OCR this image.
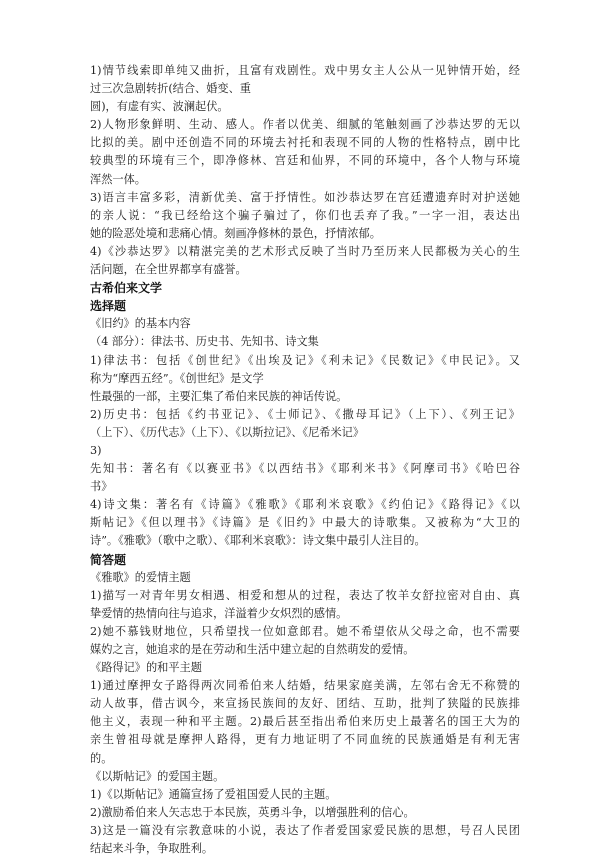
1)情节线索即单纯又曲折，且富有戏剧性。戏中男女主人公从一见钟情开始，经

过三次急剧转折(结合、婚变、重

圆)，有虚有实、波澜起伏。

2)人物形象鲜明、生动、感人。作者以优美、细腻的笔触刻画了沙恭达罗的无以

比拟的美。剧中还创造不同的环境去衬托和表现不同的人物的性格特点，剧中比

较典型的环境有三个，即净修林、宫廷和仙界，不同的环境中，各个人物与环境

浑然一体。

3)语言丰富多彩，清新优美、富于抒情性。如沙恭达罗在宫廷遭遗弃时对护送她

的亲人说：“我已经给这个骗子骗过了，你们也丢弃了我。”一字一泪，表达出

她的险恶处境和悲痛心情。刻画净修林的景色，抒情浓郁。

4)《沙恭达罗》以精湛完美的艺术形式反映了当时乃至历来人民都极为关心的生

活问题，在全世界都享有盛誉。

古希伯来文学

选择题

《旧约》的基本内容

（4 部分）：律法书、历史书、先知书、诗文集

1)律法书：包括《创世纪》《出埃及记》《利未记》《民数记》《申民记》。又

称为“摩西五经”。《创世纪》是文学

性最强的一部，主要汇集了希伯来民族的神话传说。

2)历史书：包括《约书亚记》、《士师记》、《撒母耳记》（上下）、《列王记》

（上下）、《历代志》（上下）、《以斯拉记》、《尼希米记》

3)

先知书：著名有《以赛亚书》《以西结书》《耶利米书》《阿摩司书》《哈巴谷

书》

4)诗文集：著名有《诗篇》《雅歌》《耶利米哀歌》《约伯记》《路得记》《以

斯帖记》《但以理书》《诗篇》是《旧约》中最大的诗歌集。又被称为“大卫的

诗”。《雅歌》（歌中之歌）、《耶利米哀歌》：诗文集中最引人注目的。

简答题

《雅歌》的爱情主题

1)描写一对青年男女相遇、相爱和想从的过程，表达了牧羊女舒拉密对自由、真

挚爱情的热情向往与追求，洋溢着少女炽烈的感情。

2)她不慕钱财地位，只希望找一位如意郎君。她不希望依从父母之命，也不需要

媒妁之言，她追求的是在劳动和生活中建立起的自然萌发的爱情。

《路得记》的和平主题

1)通过摩押女子路得两次同希伯来人结婚，结果家庭美满，左邻右舍无不称赞的

动人故事，借古讽今，来宣扬民族间的友好、团结、互助，批判了狭隘的民族排

他主义，表现一种和平主题。2)最后甚至指出希伯来历史上最著名的国王大为的

亲生曾祖母就是摩押人路得，更有力地证明了不同血统的民族通婚是有利无害

的。

《以斯帖记》的爱国主题。

1)《以斯帖记》通篇宣扬了爱祖国爱人民的主题。

2)激励希伯来人矢志忠于本民族，英勇斗争，以增强胜利的信心。

3)这是一篇没有宗教意味的小说，表达了作者爱国家爱民族的思想，号召人民团

结起来斗争，争取胜利。
